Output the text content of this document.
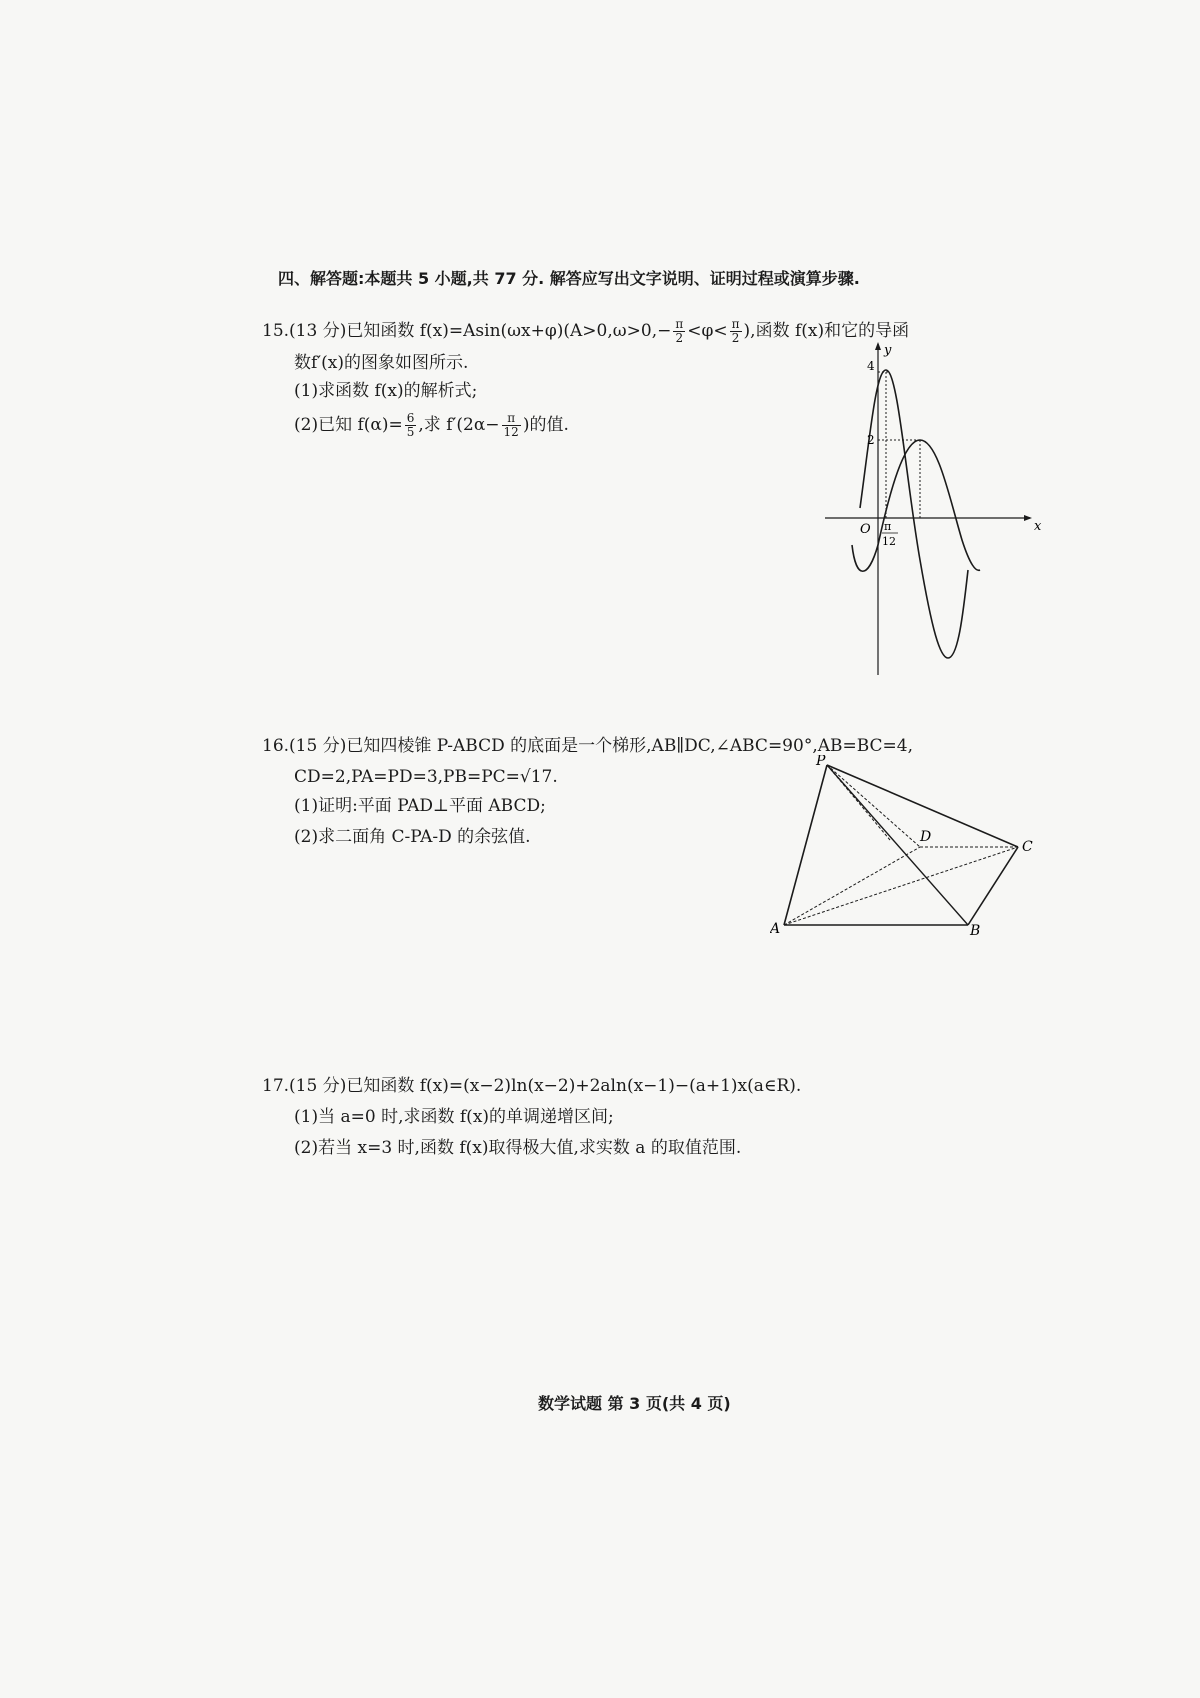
四、解答题:本题共 5 小题,共 77 分. 解答应写出文字说明、证明过程或演算步骤.
15.(13 分)已知函数 $f(x)=Asin(\omega x+\varphi)(A>0,\omega>0,- \frac{\pi}{2} <\varphi< \frac{\pi}{2}$ ),函数 f(x)和它的导函
数f′(x)的图象如图所示.
(1)求函数 f(x)的解析式;
(2)已知 $f(\alpha)= \frac{6}{5}$ ,求 $f'(2\alpha- \frac{\pi}{12}$ )的值.
y
x
O
4
2
π
12
16.(15 分)已知四棱锥 P-ABCD 的底面是一个梯形,AB∥DC,∠ABC=90°,AB=BC=4,
CD=2,PA=PD=3,PB=PC=√17.
(1)证明:平面 PAD⊥平面 ABCD;
(2)求二面角 C-PA-D 的余弦值.
P
A	B
C
D
17.(15 分)已知函数 f(x)=(x−2)ln(x−2)+2aln(x−1)−(a+1)x(a∈R).
(1)当 a=0 时,求函数 f(x)的单调递增区间;
(2)若当 x=3 时,函数 f(x)取得极大值,求实数 a 的取值范围.
数学试题 第 3 页(共 4 页)
